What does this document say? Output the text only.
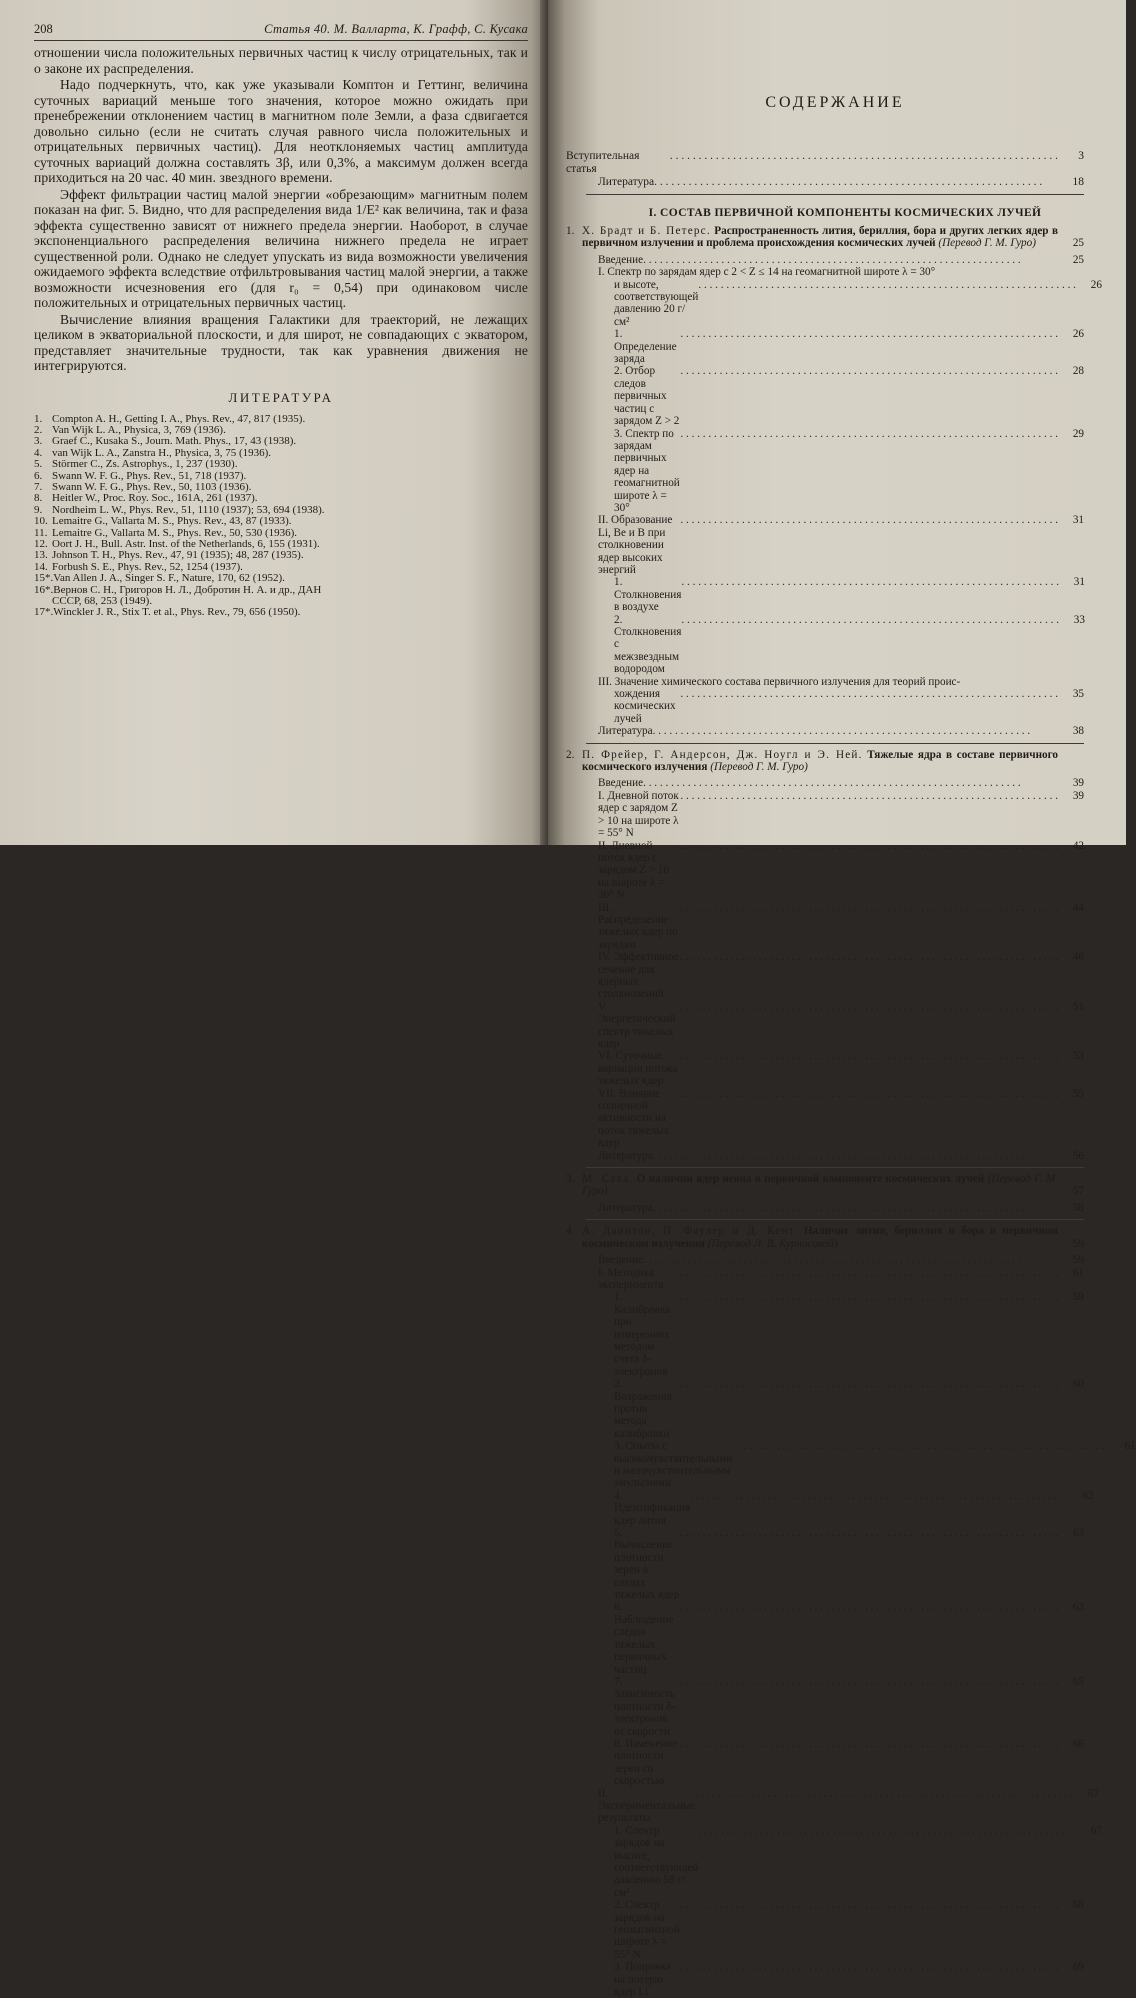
208	Статья 40. М. Валларта, К. Графф, С. Кусака

отношении числа положительных первичных частиц к числу отрицательных, так и о законе их распределения.

Надо подчеркнуть, что, как уже указывали Комптон и Геттинг, величина суточных вариаций меньше того значения, которое можно ожидать при пренебрежении отклонением частиц в магнитном поле Земли, а фаза сдвигается довольно сильно (если не считать случая равного числа положительных и отрицательных первичных частиц). Для неотклоняемых частиц амплитуда суточных вариаций должна составлять 3β, или 0,3%, а максимум должен всегда приходиться на 20 час. 40 мин. звездного времени.

Эффект фильтрации частиц малой энергии «обрезающим» магнитным полем показан на фиг. 5. Видно, что для распределения вида 1/E² как величина, так и фаза эффекта существенно зависят от нижнего предела энергии. Наоборот, в случае экспоненциального распределения величина нижнего предела не играет существенной роли. Однако не следует упускать из вида возможности увеличения ожидаемого эффекта вследствие отфильтровывания частиц малой энергии, а также возможности исчезновения его (для r₀ = 0,54) при одинаковом числе положительных и отрицательных первичных частиц.

Вычисление влияния вращения Галактики для траекторий, не лежащих целиком в экваториальной плоскости, и для широт, не совпадающих с экватором, представляет значительные трудности, так как уравнения движения не интегрируются.

ЛИТЕРАТУРА
1. Compton A. H., Getting I. A., Phys. Rev., 47, 817 (1935).
2. Van Wijk L. A., Physica, 3, 769 (1936).
3. Graef C., Kusaka S., Journ. Math. Phys., 17, 43 (1938).
4. van Wijk L. A., Zanstra H., Physica, 3, 75 (1936).
5. Störmer C., Zs. Astrophys., 1, 237 (1930).
6. Swann W. F. G., Phys. Rev., 51, 718 (1937).
7. Swann W. F. G., Phys. Rev., 50, 1103 (1936).
8. Heitler W., Proc. Roy. Soc., 161A, 261 (1937).
9. Nordheim L. W., Phys. Rev., 51, 1110 (1937); 53, 694 (1938).
10. Lemaitre G., Vallarta M. S., Phys. Rev., 43, 87 (1933).
11. Lemaitre G., Vallarta M. S., Phys. Rev., 50, 530 (1936).
12. Oort J. H., Bull. Astr. Inst. of the Netherlands, 6, 155 (1931).
13. Johnson T. H., Phys. Rev., 47, 91 (1935); 48, 287 (1935).
14. Forbush S. E., Phys. Rev., 52, 1254 (1937).
15*.Van Allen J. A., Singer S. F., Nature, 170, 62 (1952).
16*.Вернов С. Н., Григоров Н. Л., Добротин Н. А. и др., ДАН
СССР, 68, 253 (1949).
17*.Winckler J. R., Stix T. et al., Phys. Rev., 79, 656 (1950).
СОДЕРЖАНИЕ
Вступительная статья
. . . . . . . . . . . . . . . . . . . . . . . . . . . . . . . . . . . . . . . . . . . . . . . . . . . . . . . . . . . . . . . . . . . .	3
Литература . . . . . . . . . . . . . . . . . . . . . . . . . . . . . . . . . . . . . . . . . . . . . . . . . . . . . . . . . . . . . . . . . . . .	18
I. СОСТАВ ПЕРВИЧНОЙ КОМПОНЕНТЫ КОСМИЧЕСКИХ ЛУЧЕЙ
1. Х. Брадт и Б. Петерс. Распространенность лития, бериллия, бора и других легких ядер в первичном излучении и проблема происхождения космических лучей (Перевод Г. М. Гуро)	25
Введение . . . . . . . . . . . . . . . . . . . . . . . . . . . . . . . . . . . . . . . . . . . . . . . . . . . . . . . . . . . . . . . . . . . .	25
I. Спектр по зарядам ядер с 2 < Z ≤ 14 на геомагнитной широте λ = 30°
и высоте, соответствующей давлению 20 г/см²
. . . . . . . . . . . . . . . . . . . . . . . . . . . . . . . . . . . . . . . . . . . . . . . . . . . . . . . . . . . . . . . . . . . .	26
1. Определение заряда
. . . . . . . . . . . . . . . . . . . . . . . . . . . . . . . . . . . . . . . . . . . . . . . . . . . . . . . . . . . . . . . . . . . .	26
2. Отбор следов первичных частиц с зарядом Z > 2
. . . . . . . . . . . . . . . . . . . . . . . . . . . . . . . . . . . . . . . . . . . . . . . . . . . . . . . . . . . . . . . . . . . .	28
3. Спектр по зарядам первичных ядер на геомагнитной широте λ = 30°
. . . . . . . . . . . . . . . . . . . . . . . . . . . . . . . . . . . . . . . . . . . . . . . . . . . . . . . . . . . . . . . . . . . .	29
II. Образование Li, Be и B при столкновении ядер высоких энергий
. . . . . . . . . . . . . . . . . . . . . . . . . . . . . . . . . . . . . . . . . . . . . . . . . . . . . . . . . . . . . . . . . . . .	31
1. Столкновения в воздухе
. . . . . . . . . . . . . . . . . . . . . . . . . . . . . . . . . . . . . . . . . . . . . . . . . . . . . . . . . . . . . . . . . . . .	31
2. Столкновения с межзвездным водородом
. . . . . . . . . . . . . . . . . . . . . . . . . . . . . . . . . . . . . . . . . . . . . . . . . . . . . . . . . . . . . . . . . . . .	33
III. Значение химического состава первичного излучения для теорий проис-
хождения космических лучей
. . . . . . . . . . . . . . . . . . . . . . . . . . . . . . . . . . . . . . . . . . . . . . . . . . . . . . . . . . . . . . . . . . . .	35
Литература . . . . . . . . . . . . . . . . . . . . . . . . . . . . . . . . . . . . . . . . . . . . . . . . . . . . . . . . . . . . . . . . . . . .	38
2. П. Фрейер, Г. Андерсон, Дж. Ноугл и Э. Ней. Тяжелые ядра в составе первичного космического излучения (Перевод Г. М. Гуро)
Введение . . . . . . . . . . . . . . . . . . . . . . . . . . . . . . . . . . . . . . . . . . . . . . . . . . . . . . . . . . . . . . . . . . . .	39
I. Дневной поток ядер с зарядом Z > 10 на широте λ = 55° N
. . . . . . . . . . . . . . . . . . . . . . . . . . . . . . . . . . . . . . . . . . . . . . . . . . . . . . . . . . . . . . . . . . . .	39
II. Дневной поток ядер с зарядом Z > 10 на широте λ = 30° N
. . . . . . . . . . . . . . . . . . . . . . . . . . . . . . . . . . . . . . . . . . . . . . . . . . . . . . . . . . . . . . . . . . . .	42
III. Распределение тяжелых ядер по зарядам
. . . . . . . . . . . . . . . . . . . . . . . . . . . . . . . . . . . . . . . . . . . . . . . . . . . . . . . . . . . . . . . . . . . .	44
IV. Эффективное сечение для ядерных столкновений
. . . . . . . . . . . . . . . . . . . . . . . . . . . . . . . . . . . . . . . . . . . . . . . . . . . . . . . . . . . . . . . . . . . .	46
V. Энергетический спектр тяжелых ядер
. . . . . . . . . . . . . . . . . . . . . . . . . . . . . . . . . . . . . . . . . . . . . . . . . . . . . . . . . . . . . . . . . . . .	51
VI. Суточные вариации потока тяжелых ядер
. . . . . . . . . . . . . . . . . . . . . . . . . . . . . . . . . . . . . . . . . . . . . . . . . . . . . . . . . . . . . . . . . . . .	53
VII. Влияние солнечной активности на поток тяжелых ядер
. . . . . . . . . . . . . . . . . . . . . . . . . . . . . . . . . . . . . . . . . . . . . . . . . . . . . . . . . . . . . . . . . . . .	55
Литература . . . . . . . . . . . . . . . . . . . . . . . . . . . . . . . . . . . . . . . . . . . . . . . . . . . . . . . . . . . . . . . . . . . .	56
3. М. Саха. О наличии ядер неона в первичной компоненте космических лучей (Перевод Г. М. Гуро)	57
Литература . . . . . . . . . . . . . . . . . . . . . . . . . . . . . . . . . . . . . . . . . . . . . . . . . . . . . . . . . . . . . . . . . . . .	58
4. А. Даинтон, П. Фаулер и Д. Кент. Наличие лития, бериллия и бора в первичном космическом излучении (Перевод Л. В. Курносовой)	59
Введение . . . . . . . . . . . . . . . . . . . . . . . . . . . . . . . . . . . . . . . . . . . . . . . . . . . . . . . . . . . . . . . . . . . .	59
I. Методика эксперимента
. . . . . . . . . . . . . . . . . . . . . . . . . . . . . . . . . . . . . . . . . . . . . . . . . . . . . . . . . . . . . . . . . . . .	61
1. Калибровка при измерениях методом счета δ-электронов
. . . . . . . . . . . . . . . . . . . . . . . . . . . . . . . . . . . . . . . . . . . . . . . . . . . . . . . . . . . . . . . . . . . .	59
2. Возражения против метода калибровки
. . . . . . . . . . . . . . . . . . . . . . . . . . . . . . . . . . . . . . . . . . . . . . . . . . . . . . . . . . . . . . . . . . . .	60
3. Опыты с высокочувствительными и малочувствительными эмульсиями
. . . . . . . . . . . . . . . . . . . . . . . . . . . . . . . . . . . . . . . . . . . . . . . . . . . . . . . . . . . . . . . . . . . .	61
4. Идентификация ядер лития
. . . . . . . . . . . . . . . . . . . . . . . . . . . . . . . . . . . . . . . . . . . . . . . . . . . . . . . . . . . . . . . . . . . .	62
5. Вычисление плотности зерен в следах тяжелых ядер
. . . . . . . . . . . . . . . . . . . . . . . . . . . . . . . . . . . . . . . . . . . . . . . . . . . . . . . . . . . . . . . . . . . .	63
6. Наблюдение следов тяжелых первичных частиц
. . . . . . . . . . . . . . . . . . . . . . . . . . . . . . . . . . . . . . . . . . . . . . . . . . . . . . . . . . . . . . . . . . . .	63
7. Зависимость плотности δ-электронов от скорости
. . . . . . . . . . . . . . . . . . . . . . . . . . . . . . . . . . . . . . . . . . . . . . . . . . . . . . . . . . . . . . . . . . . .	65
8. Изменение плотности зерен со скоростью
. . . . . . . . . . . . . . . . . . . . . . . . . . . . . . . . . . . . . . . . . . . . . . . . . . . . . . . . . . . . . . . . . . . .	66
II. Экспериментальные результаты
. . . . . . . . . . . . . . . . . . . . . . . . . . . . . . . . . . . . . . . . . . . . . . . . . . . . . . . . . . . . . . . . . . . .	67
1. Спектр зарядов на высоте, соответствующей давлению 58 г/см²
. . . . . . . . . . . . . . . . . . . . . . . . . . . . . . . . . . . . . . . . . . . . . . . . . . . . . . . . . . . . . . . . . . . .	67
2. Спектр зарядов на геомагнитной широте λ = 55° N
. . . . . . . . . . . . . . . . . . . . . . . . . . . . . . . . . . . . . . . . . . . . . . . . . . . . . . . . . . . . . . . . . . . .	68
3. Поправка на потерю ядер Li
. . . . . . . . . . . . . . . . . . . . . . . . . . . . . . . . . . . . . . . . . . . . . . . . . . . . . . . . . . . . . . . . . . . .	69
